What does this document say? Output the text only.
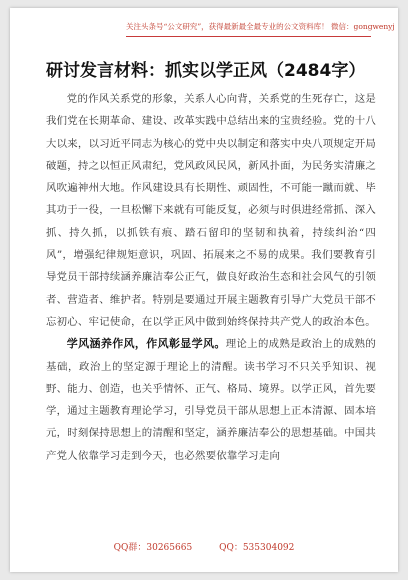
关注头条号“公文研究”，获得最新最全最专业的公文资料库！ 微信：gongwenyj
研讨发言材料：抓实以学正风（2484字）

党的作风关系党的形象，关系人心向背，关系党的生死存亡，这是我们党在长期革命、建设、改革实践中总结出来的宝贵经验。党的十八大以来，以习近平同志为核心的党中央以制定和落实中央八项规定开局破题，持之以恒正风肃纪，党风政风民风，新风扑面，为民务实清廉之风吹遍神州大地。作风建设具有长期性、顽固性，不可能一蹴而就、毕其功于一役，一旦松懈下来就有可能反复，必须与时俱进经常抓、深入抓、持久抓，以抓铁有痕、踏石留印的坚韧和执着，持续纠治“四风”，增强纪律规矩意识，巩固、拓展来之不易的成果。我们要教育引导党员干部持续涵养廉洁奉公正气，做良好政治生态和社会风气的引领者、营造者、维护者。特别是要通过开展主题教育引导广大党员干部不忘初心、牢记使命，在以学正风中做到始终保持共产党人的政治本色。

学风涵养作风，作风彰显学风。理论上的成熟是政治上的成熟的基础，政治上的坚定源于理论上的清醒。读书学习不只关乎知识、视野、能力、创造，也关乎情怀、正气、格局、境界。以学正风，首先要学，通过主题教育理论学习，引导党员干部从思想上正本清源、固本培元，时刻保持思想上的清醒和坚定，涵养廉洁奉公的思想基础。中国共产党人依靠学习走到今天，也必然要依靠学习走向

QQ群：30265665	QQ：535304092
